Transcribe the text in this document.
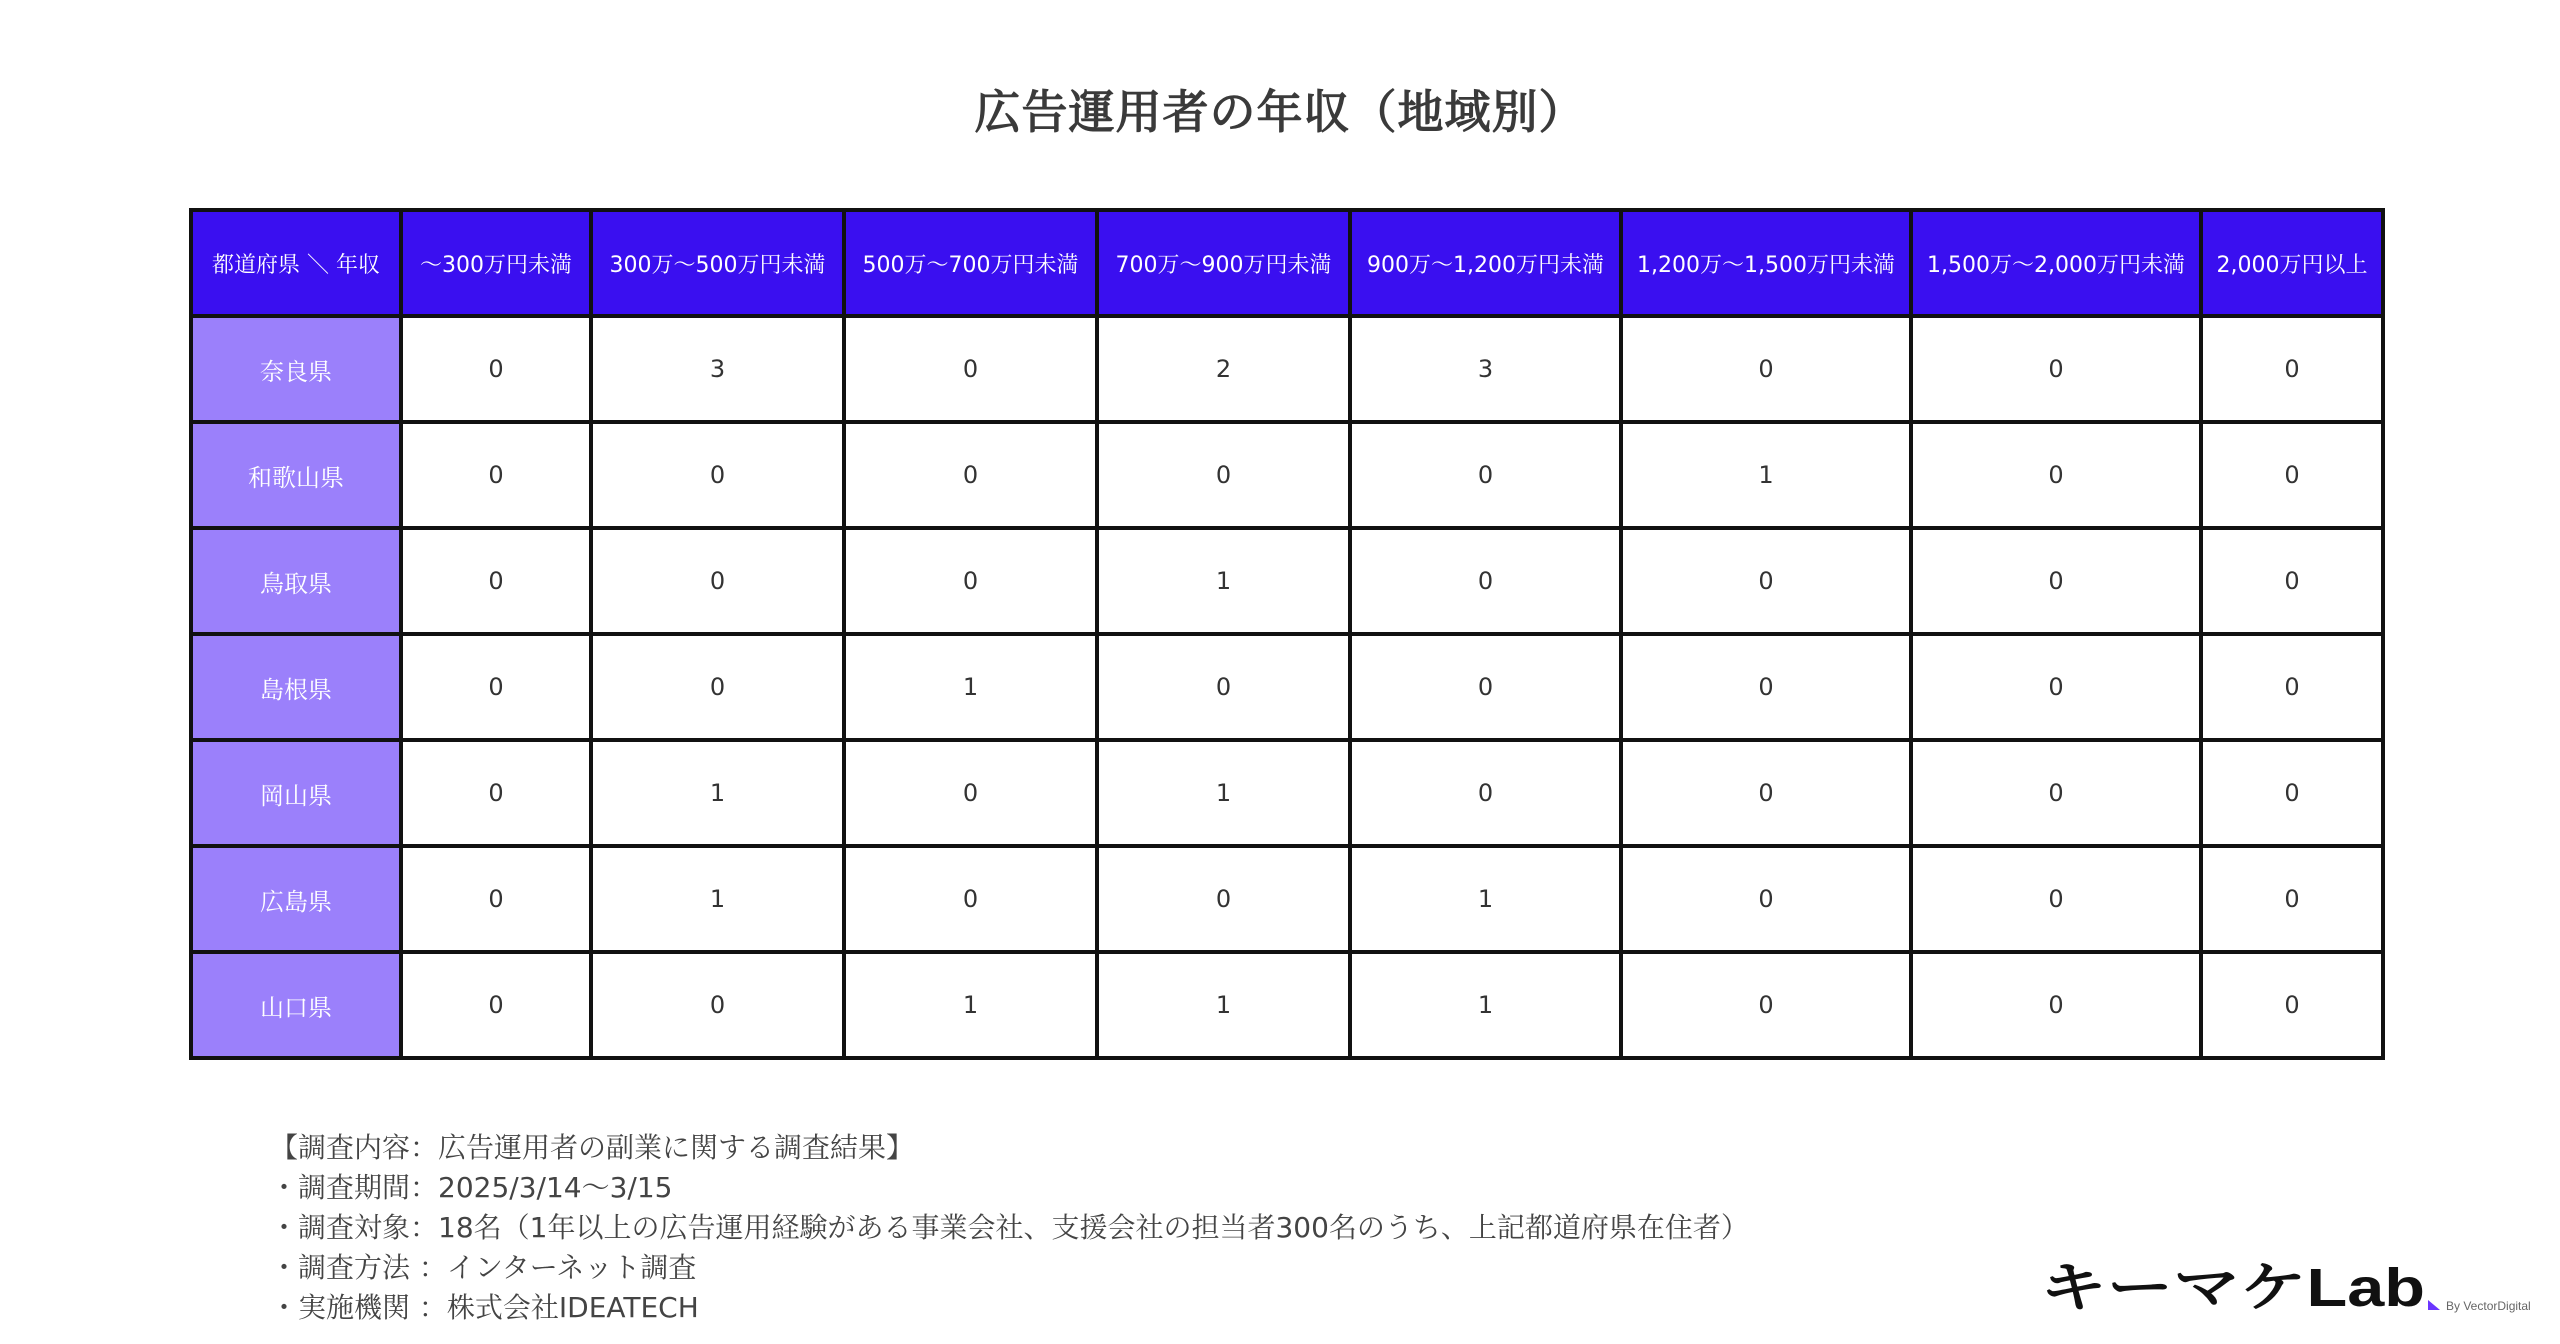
広告運用者の年収（地域別）
都道府県 ＼ 年収	〜300万円未満	300万〜500万円未満	500万〜700万円未満	700万〜900万円未満	900万〜1,200万円未満	1,200万〜1,500万円未満	1,500万〜2,000万円未満	2,000万円以上
奈良県	0	3	0	2	3	0	0	0
和歌山県	0	0	0	0	0	1	0	0
鳥取県	0	0	0	1	0	0	0	0
島根県	0	0	1	0	0	0	0	0
岡山県	0	1	0	1	0	0	0	0
広島県	0	1	0	0	1	0	0	0
山口県	0	0	1	1	1	0	0	0
【調査内容：広告運用者の副業に関する調査結果】
・調査期間：2025/3/14〜3/15
・調査対象：18名（1年以上の広告運用経験がある事業会社、支援会社の担当者300名のうち、上記都道府県在住者）
・調査方法 ：インターネット調査
・実施機関 ：株式会社IDEATECH	キーマケLab By VectorDigital
